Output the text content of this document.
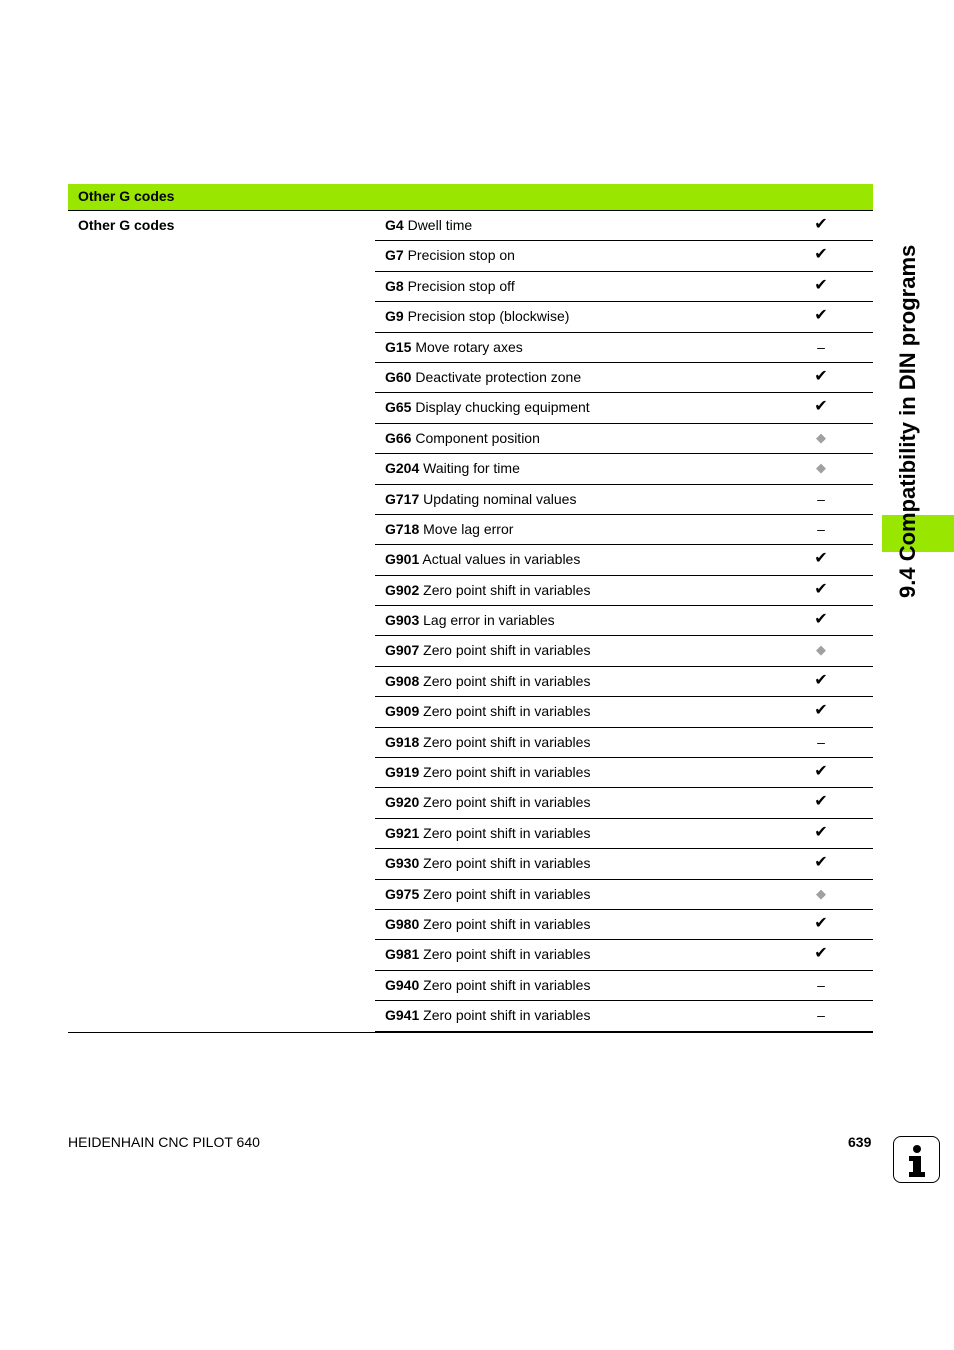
Other G codes
Other G codes	G4 Dwell time	✔
G7 Precision stop on	✔
G8 Precision stop off	✔
G9 Precision stop (blockwise)	✔
G15 Move rotary axes	–
G60 Deactivate protection zone	✔
G65 Display chucking equipment	✔
G66 Component position	◆
G204 Waiting for time	◆
G717 Updating nominal values	–
G718 Move lag error	–
G901 Actual values in variables	✔
G902 Zero point shift in variables	✔
G903 Lag error in variables	✔
G907 Zero point shift in variables	◆
G908 Zero point shift in variables	✔
G909 Zero point shift in variables	✔
G918 Zero point shift in variables	–
G919 Zero point shift in variables	✔
G920 Zero point shift in variables	✔
G921 Zero point shift in variables	✔
G930 Zero point shift in variables	✔
G975 Zero point shift in variables	◆
G980 Zero point shift in variables	✔
G981 Zero point shift in variables	✔
G940 Zero point shift in variables	–
G941 Zero point shift in variables	–
9.4 Compatibility in DIN programs
HEIDENHAIN CNC PILOT 640	639
